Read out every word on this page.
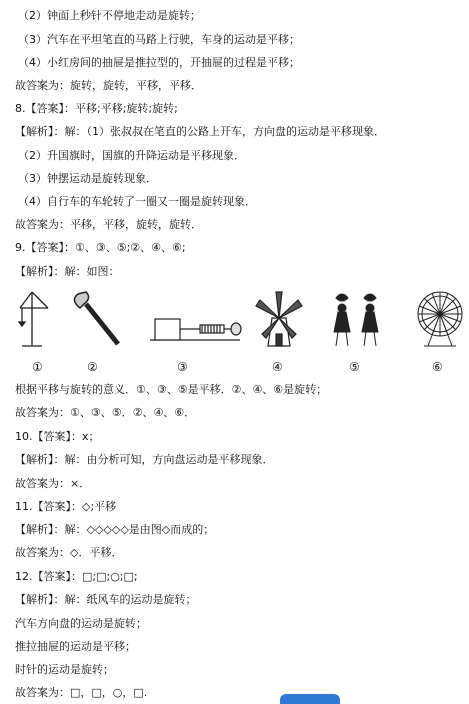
（2）钟面上秒针不停地走动是旋转；
（3）汽车在平坦笔直的马路上行驶，车身的运动是平移；
（4）小红房间的抽屉是推拉型的，开抽屉的过程是平移；
故答案为：旋转，旋转，平移，平移．
8.【答案】：平移;平移;旋转;旋转;
【解析】：解：（1）张叔叔在笔直的公路上开车，方向盘的运动是平移现象．
（2）升国旗时，国旗的升降运动是平移现象．
（3）钟摆运动是旋转现象．
（4）自行车的车轮转了一圈又一圈是旋转现象．
故答案为：平移，平移，旋转，旋转．
9.【答案】：①、③、⑤;②、④、⑥;
【解析】：解：如图：
①	②	③	④	⑤	⑥
根据平移与旋转的意义．①、③、⑤是平移．②、④、⑥是旋转；
故答案为：①、③、⑤．②、④、⑥．
10.【答案】：x；
【解析】：解：由分析可知，方向盘运动是平移现象．
故答案为：×．
11.【答案】：◇;平移
【解析】：解：◇◇◇◇◇是由图◇而成的；
故答案为：◇．平移．
12.【答案】：□;□;○;□;
【解析】：解：纸风车的运动是旋转；
汽车方向盘的运动是旋转；
推拉抽屉的运动是平移；
时针的运动是旋转；
故答案为：□，□，○，□.
